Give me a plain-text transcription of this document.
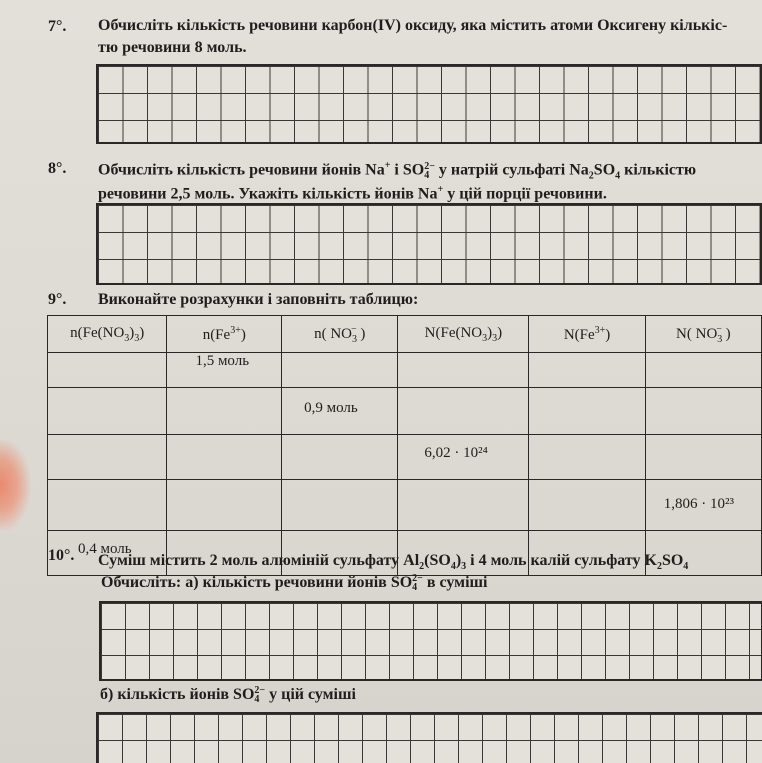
7°. Обчисліть кількість речовини карбон(IV) оксиду, яка містить атоми Оксигену кількіс-
тю речовини 8 моль.
8°. Обчисліть кількість речовини йонів Na+ і SO 2−
4 у натрій сульфаті $Na_2SO_4$ кількістю
речовини 2,5 моль. Укажіть кількість йонів Na+ у цій порції речовини.
9°. Виконайте розрахунки і заповніть таблицю:
$n(Fe(NO_3)_3)$	$n(Fe^{3+})$	n( $NO_3^-$ )	$N(Fe(NO_3)_3)$	$N(Fe^{3+})$	N( $NO_3^-$ )
	1,5 моль				
		0,9 моль			
			6,02 · 10²⁴		
					1,806 · 10²³
0,4 моль					
10°. Суміш містить 2 моль алюміній сульфату $Al_2(SO_4)_3$ і 4 моль калій сульфату $K_2SO_4$
Обчисліть: а) кількість речовини йонів SO 2−
4 в суміші
б) кількість йонів SO 2−
4 у цій суміші
